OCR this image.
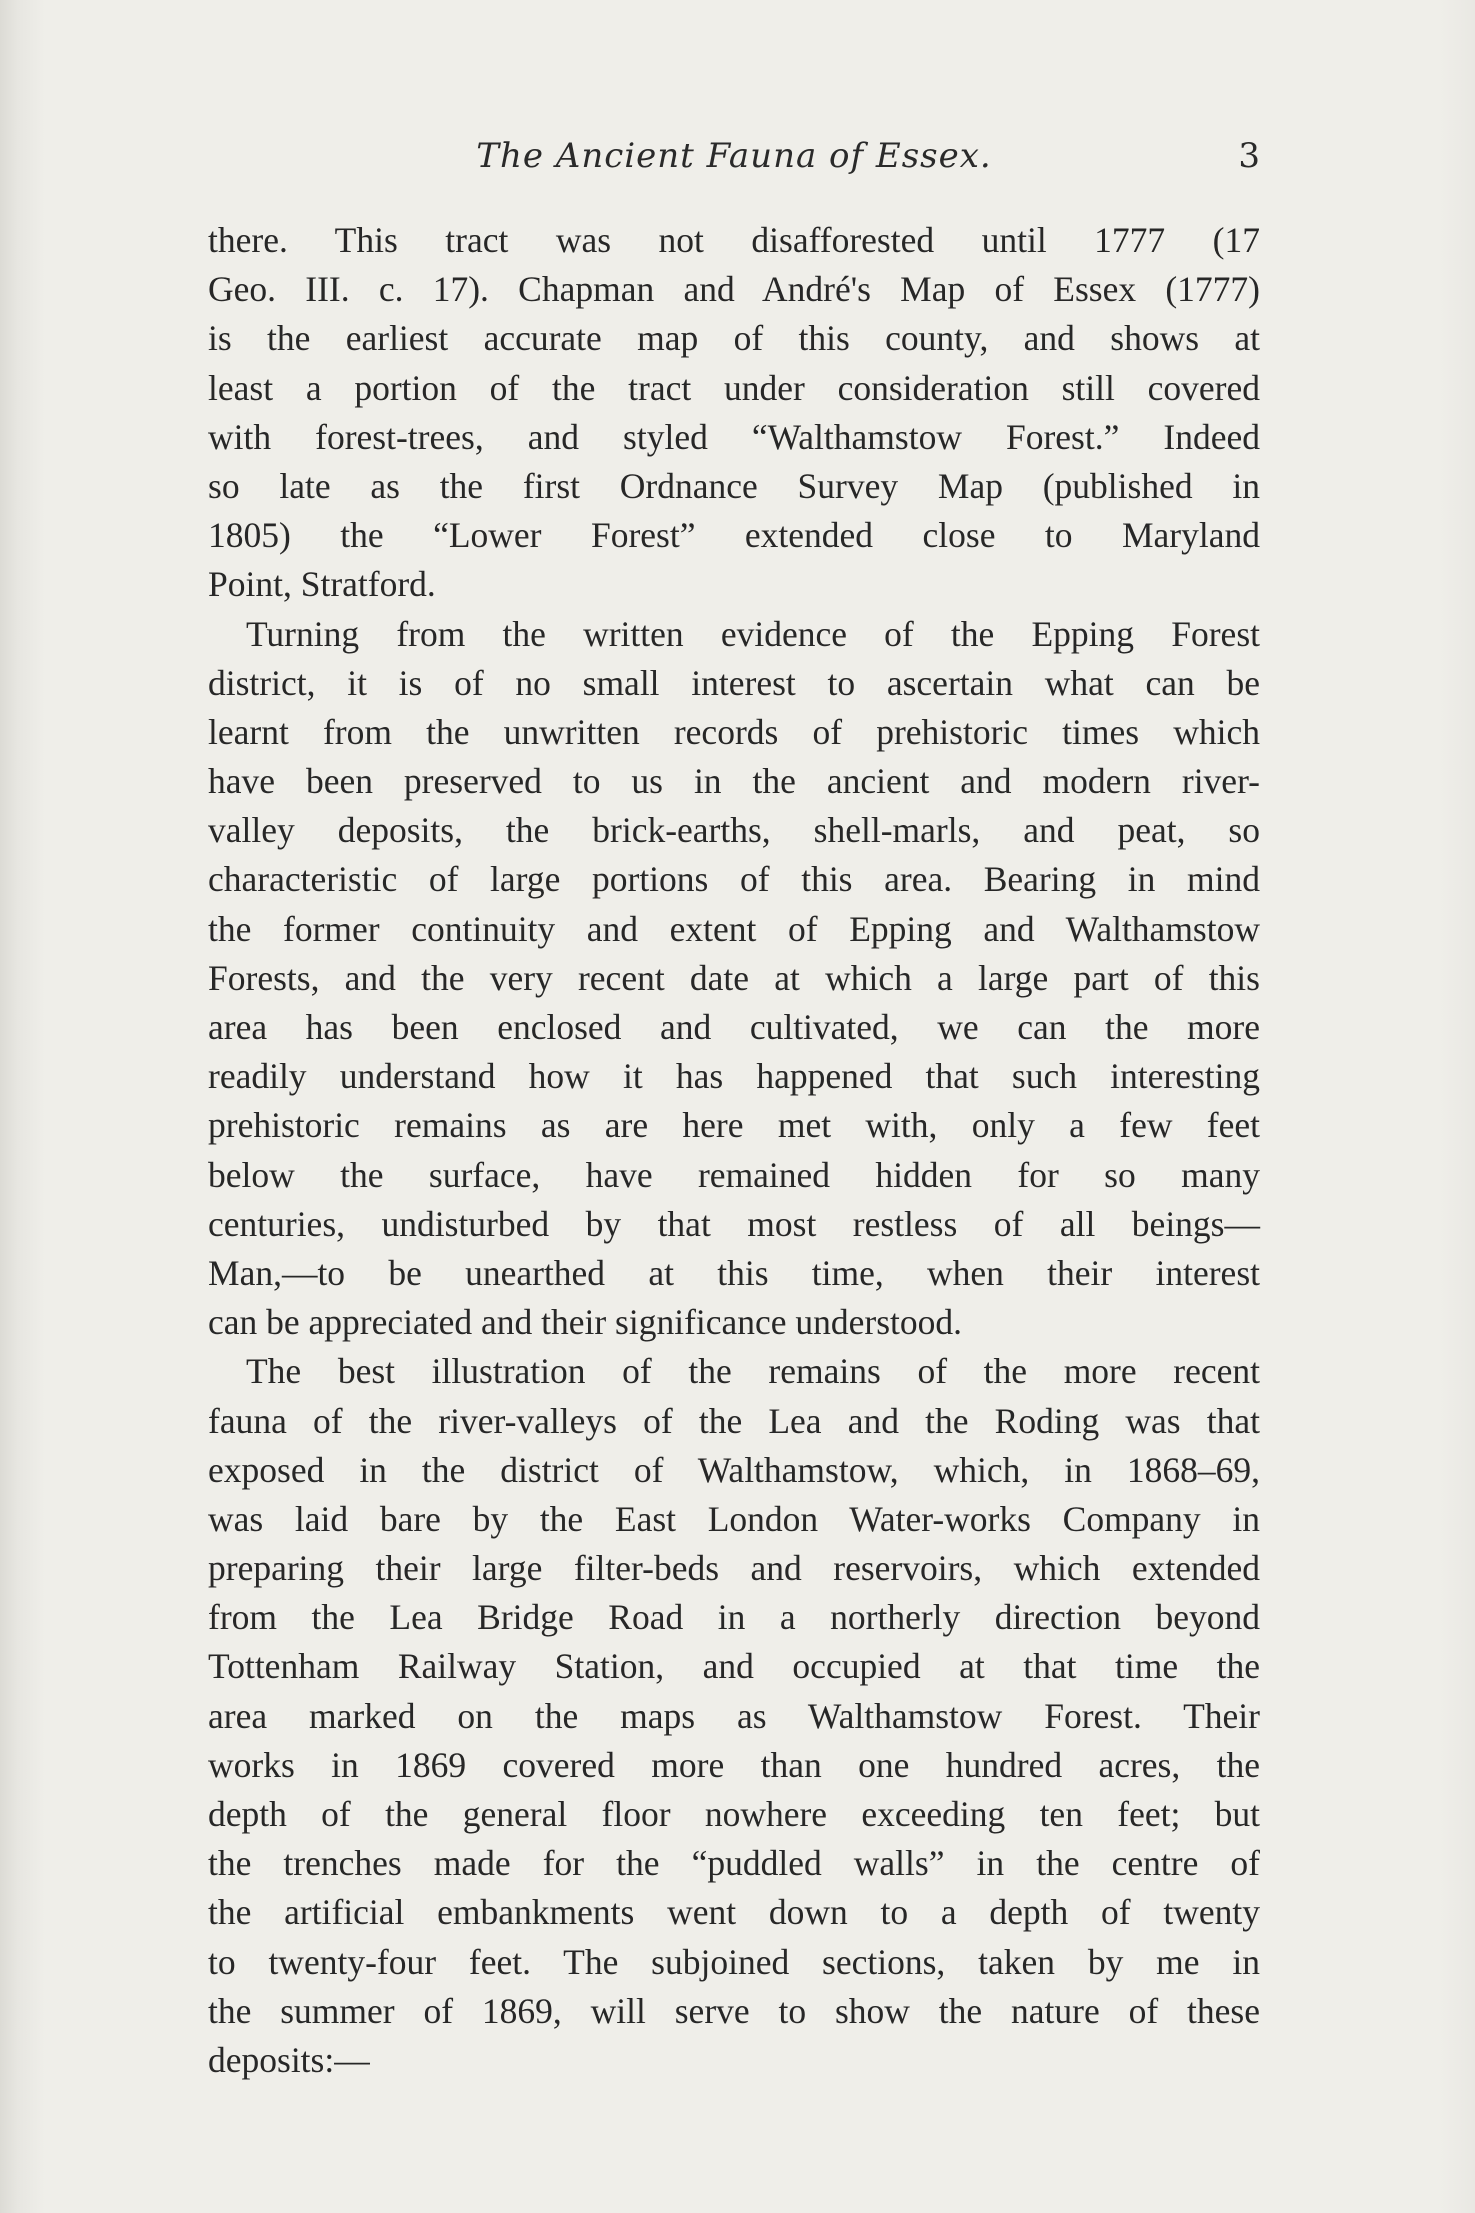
The Ancient Fauna of Essex.	3
there. This tract was not disafforested until 1777 (17
Geo. III. c. 17). Chapman and André's Map of Essex (1777)
is the earliest accurate map of this county, and shows at
least a portion of the tract under consideration still covered
with forest-trees, and styled “Walthamstow Forest.” Indeed
so late as the first Ordnance Survey Map (published in
1805) the “Lower Forest” extended close to Maryland
Point, Stratford.
Turning from the written evidence of the Epping Forest
district, it is of no small interest to ascertain what can be
learnt from the unwritten records of prehistoric times which
have been preserved to us in the ancient and modern river-
valley deposits, the brick-earths, shell-marls, and peat, so
characteristic of large portions of this area. Bearing in mind
the former continuity and extent of Epping and Walthamstow
Forests, and the very recent date at which a large part of this
area has been enclosed and cultivated, we can the more
readily understand how it has happened that such interesting
prehistoric remains as are here met with, only a few feet
below the surface, have remained hidden for so many
centuries, undisturbed by that most restless of all beings—
Man,—to be unearthed at this time, when their interest
can be appreciated and their significance understood.
The best illustration of the remains of the more recent
fauna of the river-valleys of the Lea and the Roding was that
exposed in the district of Walthamstow, which, in 1868–69,
was laid bare by the East London Water-works Company in
preparing their large filter-beds and reservoirs, which extended
from the Lea Bridge Road in a northerly direction beyond
Tottenham Railway Station, and occupied at that time the
area marked on the maps as Walthamstow Forest. Their
works in 1869 covered more than one hundred acres, the
depth of the general floor nowhere exceeding ten feet; but
the trenches made for the “puddled walls” in the centre of
the artificial embankments went down to a depth of twenty
to twenty-four feet. The subjoined sections, taken by me in
the summer of 1869, will serve to show the nature of these
deposits:—
